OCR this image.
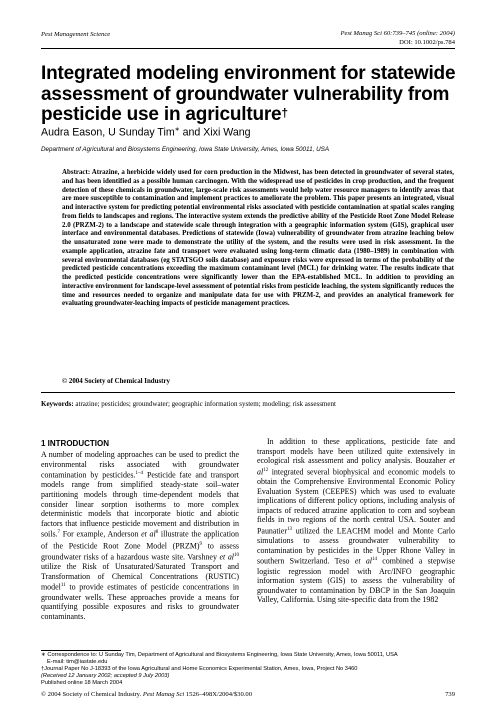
Pest Management Science	Pest Manag Sci 60:739–745 (online: 2004)
DOI: 10.1002/ps.784
Integrated modeling environment for statewide assessment of groundwater vulnerability from pesticide use in agriculture†
Audra Eason, U Sunday Tim∗ and Xixi Wang
Department of Agricultural and Biosystems Engineering, Iowa State University, Ames, Iowa 50011, USA
Abstract: Atrazine, a herbicide widely used for corn production in the Midwest, has been detected in groundwater of several states, and has been identified as a possible human carcinogen. With the widespread use of pesticides in crop production, and the frequent detection of these chemicals in groundwater, large-scale risk assessments would help water resource managers to identify areas that are more susceptible to contamination and implement practices to ameliorate the problem. This paper presents an integrated, visual and interactive system for predicting potential environmental risks associated with pesticide contamination at spatial scales ranging from fields to landscapes and regions. The interactive system extends the predictive ability of the Pesticide Root Zone Model Release 2.0 (PRZM-2) to a landscape and statewide scale through integration with a geographic information system (GIS), graphical user interface and environmental databases. Predictions of statewide (Iowa) vulnerability of groundwater from atrazine leaching below the unsaturated zone were made to demonstrate the utility of the system, and the results were used in risk assessment. In the example application, atrazine fate and transport were evaluated using long-term climatic data (1980–1989) in combination with several environmental databases (eg STATSGO soils database) and exposure risks were expressed in terms of the probability of the predicted pesticide concentrations exceeding the maximum contaminant level (MCL) for drinking water. The results indicate that the predicted pesticide concentrations were significantly lower than the EPA-established MCL. In addition to providing an interactive environment for landscape-level assessment of potential risks from pesticide leaching, the system significantly reduces the time and resources needed to organize and manipulate data for use with PRZM-2, and provides an analytical framework for evaluating groundwater-leaching impacts of pesticide management practices.
© 2004 Society of Chemical Industry
Keywords: atrazine; pesticides; groundwater; geographic information system; modeling; risk assessment
1 INTRODUCTION
A number of modeling approaches can be used to predict the environmental risks associated with groundwater contamination by pesticides.$^{1-4}$ Pesticide fate and transport models range from simplified steady-state soil–water partitioning models through time-dependent models that consider linear sorption isotherms to more complex deterministic models that incorporate biotic and abiotic factors that influence pesticide movement and distribution in soils.$^7$ For example, Anderson et $al^8$ illustrate the application of the Pesticide Root Zone Model (PRZM)$^9$ to assess groundwater risks of a hazardous waste site. Varshney et $al^{10}$ utilize the Risk of Unsaturated/Saturated Transport and Transformation of Chemical Concentrations (RUSTIC) model$^{11}$ to provide estimates of pesticide concentrations in groundwater wells. These approaches provide a means for quantifying possible exposures and risks to groundwater contaminants.
In addition to these applications, pesticide fate and transport models have been utilized quite extensively in ecological risk assessment and policy analysis. Bouzaher et $al^{12}$ integrated several biophysical and economic models to obtain the Comprehensive Environmental Economic Policy Evaluation System (CEEPES) which was used to evaluate implications of different policy options, including analysis of impacts of reduced atrazine application to corn and soybean fields in two regions of the north central USA. Souter and Paunatier$^{13}$ utilized the LEACHM model and Monte Carlo simulations to assess groundwater vulnerability to contamination by pesticides in the Upper Rhone Valley in southern Switzerland. Teso et $al^{14}$ combined a stepwise logistic regression model with Arc/INFO geographic information system (GIS) to assess the vulnerability of groundwater to contamination by DBCP in the San Joaquin Valley, California. Using site-specific data from the 1982
∗ Correspondence to: U Sunday Tim, Department of Agricultural and Biosystems Engineering, Iowa State University, Ames, Iowa 50011, USA
E-mail: tim@iastate.edu
†Journal Paper No J-18393 of the Iowa Agricultural and Home Economics Experimental Station, Ames, Iowa, Project No 3460
(Received 12 January 2002; accepted 9 July 2003)
Published online 18 March 2004
© 2004 Society of Chemical Industry. Pest Manag Sci 1526–498X/2004/$30.00	739
